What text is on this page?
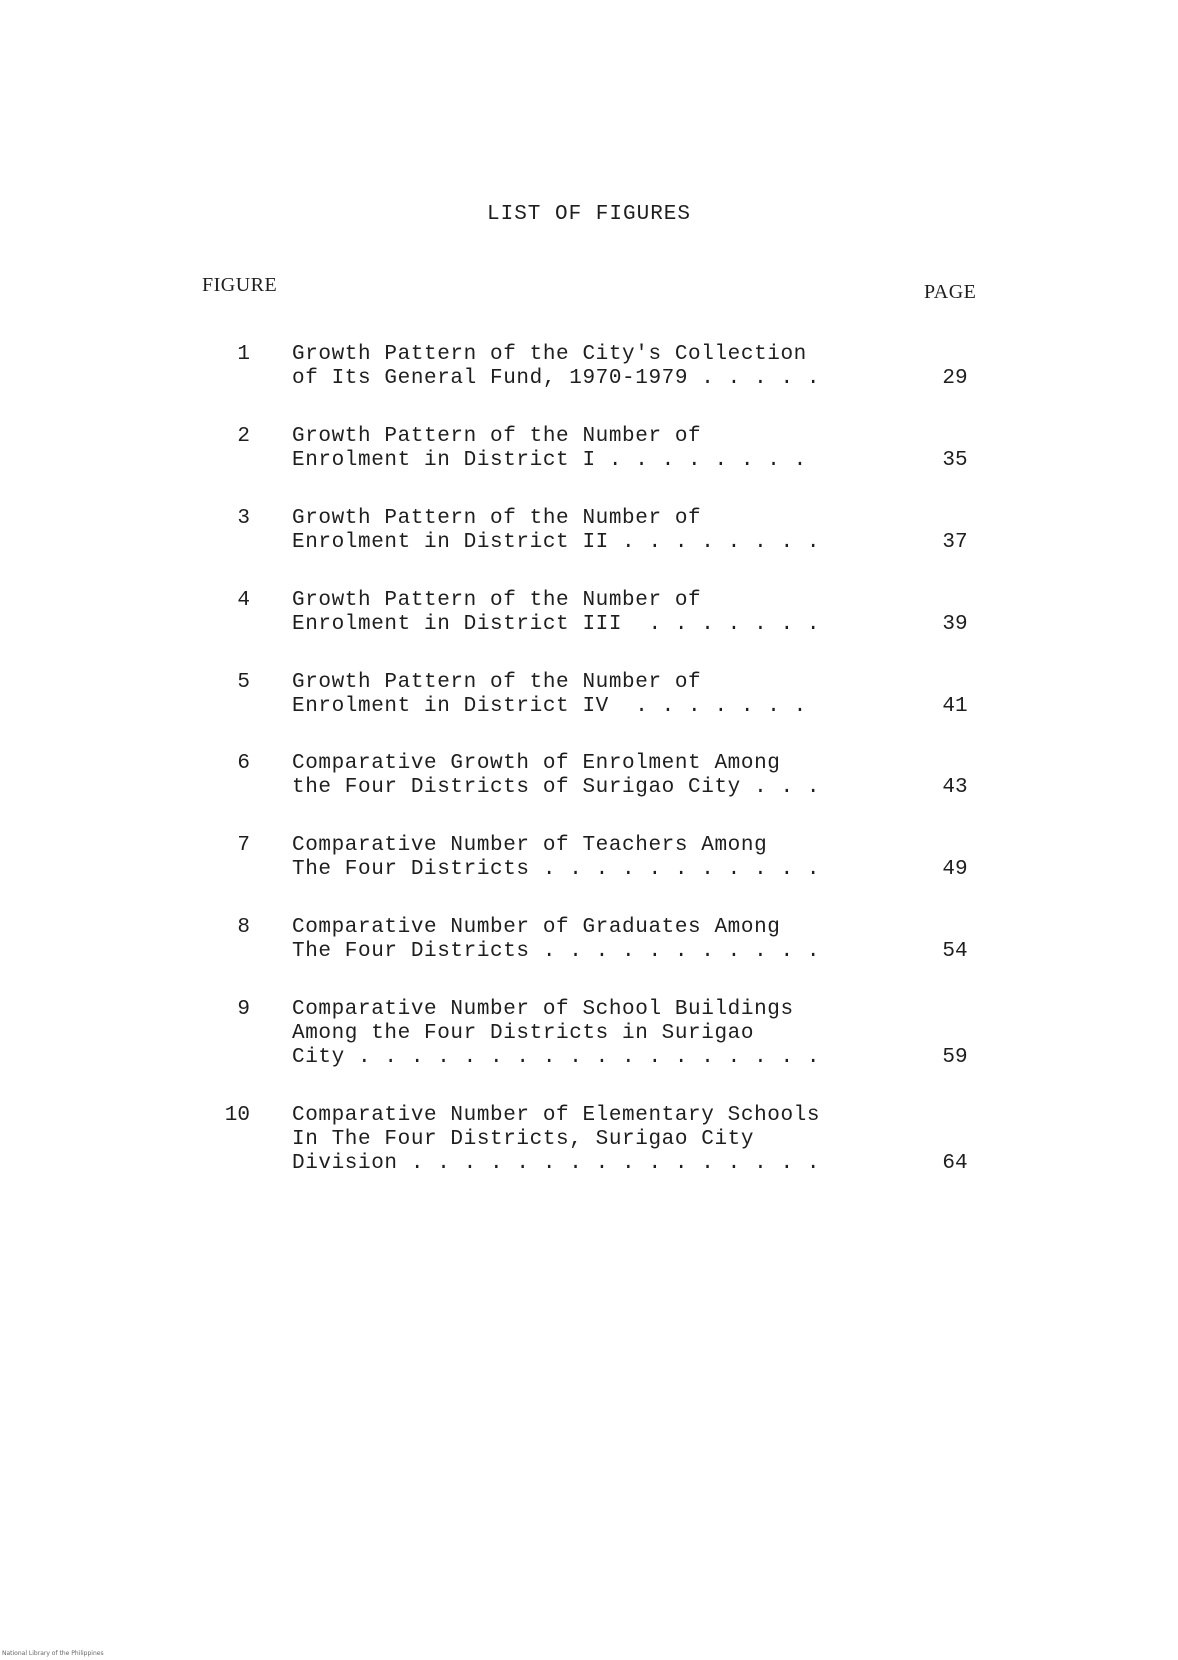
LIST OF FIGURES
FIGURE	PAGE
1 Growth Pattern of the City's Collection
of Its General Fund, 1970-1979 . . . . .	29
2 Growth Pattern of the Number of
Enrolment in District I . . . . . . . .	35
3 Growth Pattern of the Number of
Enrolment in District II . . . . . . . .	37
4 Growth Pattern of the Number of
Enrolment in District III  . . . . . . .	39
5 Growth Pattern of the Number of
Enrolment in District IV  . . . . . . .	41
6 Comparative Growth of Enrolment Among
the Four Districts of Surigao City . . .	43
7 Comparative Number of Teachers Among
The Four Districts . . . . . . . . . . .	49
8 Comparative Number of Graduates Among
The Four Districts . . . . . . . . . . .	54
9 Comparative Number of School Buildings
Among the Four Districts in Surigao
City . . . . . . . . . . . . . . . . . .	59
10 Comparative Number of Elementary Schools
In The Four Districts, Surigao City
Division . . . . . . . . . . . . . . . .	64
National Library of the Philippines
